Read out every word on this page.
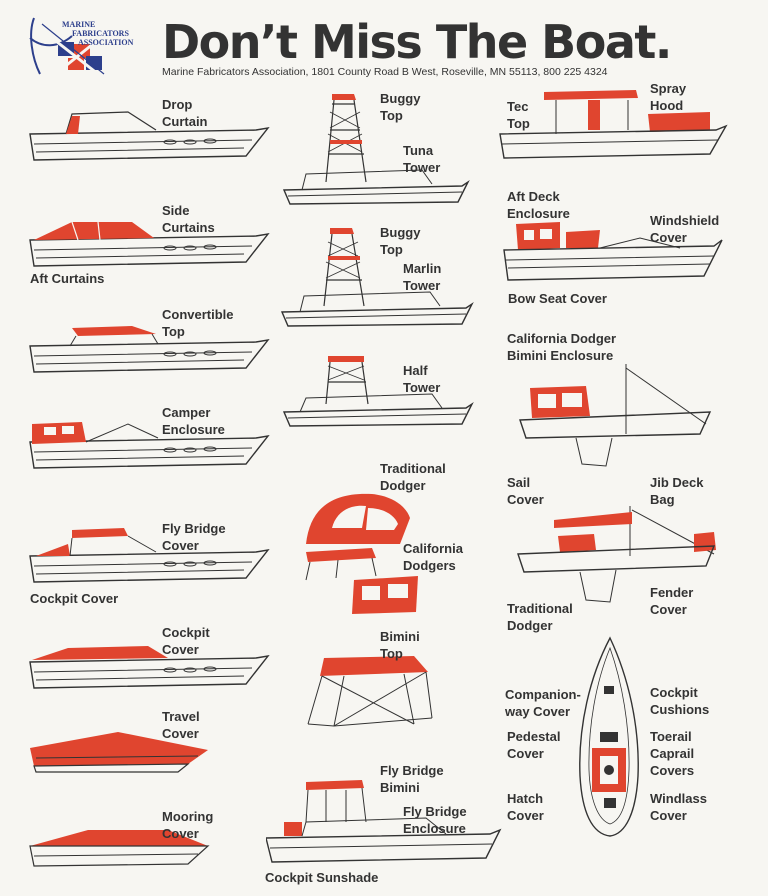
MARINE
FABRICATORS
ASSOCIATION Don’t Miss The Boat.
Marine Fabricators Association, 1801 County Road B West, Roseville, MN 55113, 800 225 4324
Drop
Curtain
Side
Curtains
Aft Curtains
Convertible
Top
Camper
Enclosure
Fly Bridge
Cover
Cockpit Cover
Cockpit
Cover
Travel
Cover
Mooring
Cover
Buggy
Top
Tuna
Tower
Buggy
Top
Marlin
Tower
Half
Tower
Traditional
Dodger
California
Dodgers
Bimini
Top
Fly Bridge
Bimini
Fly Bridge
Enclosure
Cockpit Sunshade
Tec
Top
Spray
Hood
Aft Deck
Enclosure	Windshield
Cover
Bow Seat Cover
California Dodger
Bimini Enclosure
Sail
Cover
Jib Deck
Bag
Traditional
Dodger
Fender
Cover
Companion-
way Cover
Cockpit
Cushions
Pedestal
Cover
Toerail
Caprail
Covers
Hatch
Cover
Windlass
Cover
